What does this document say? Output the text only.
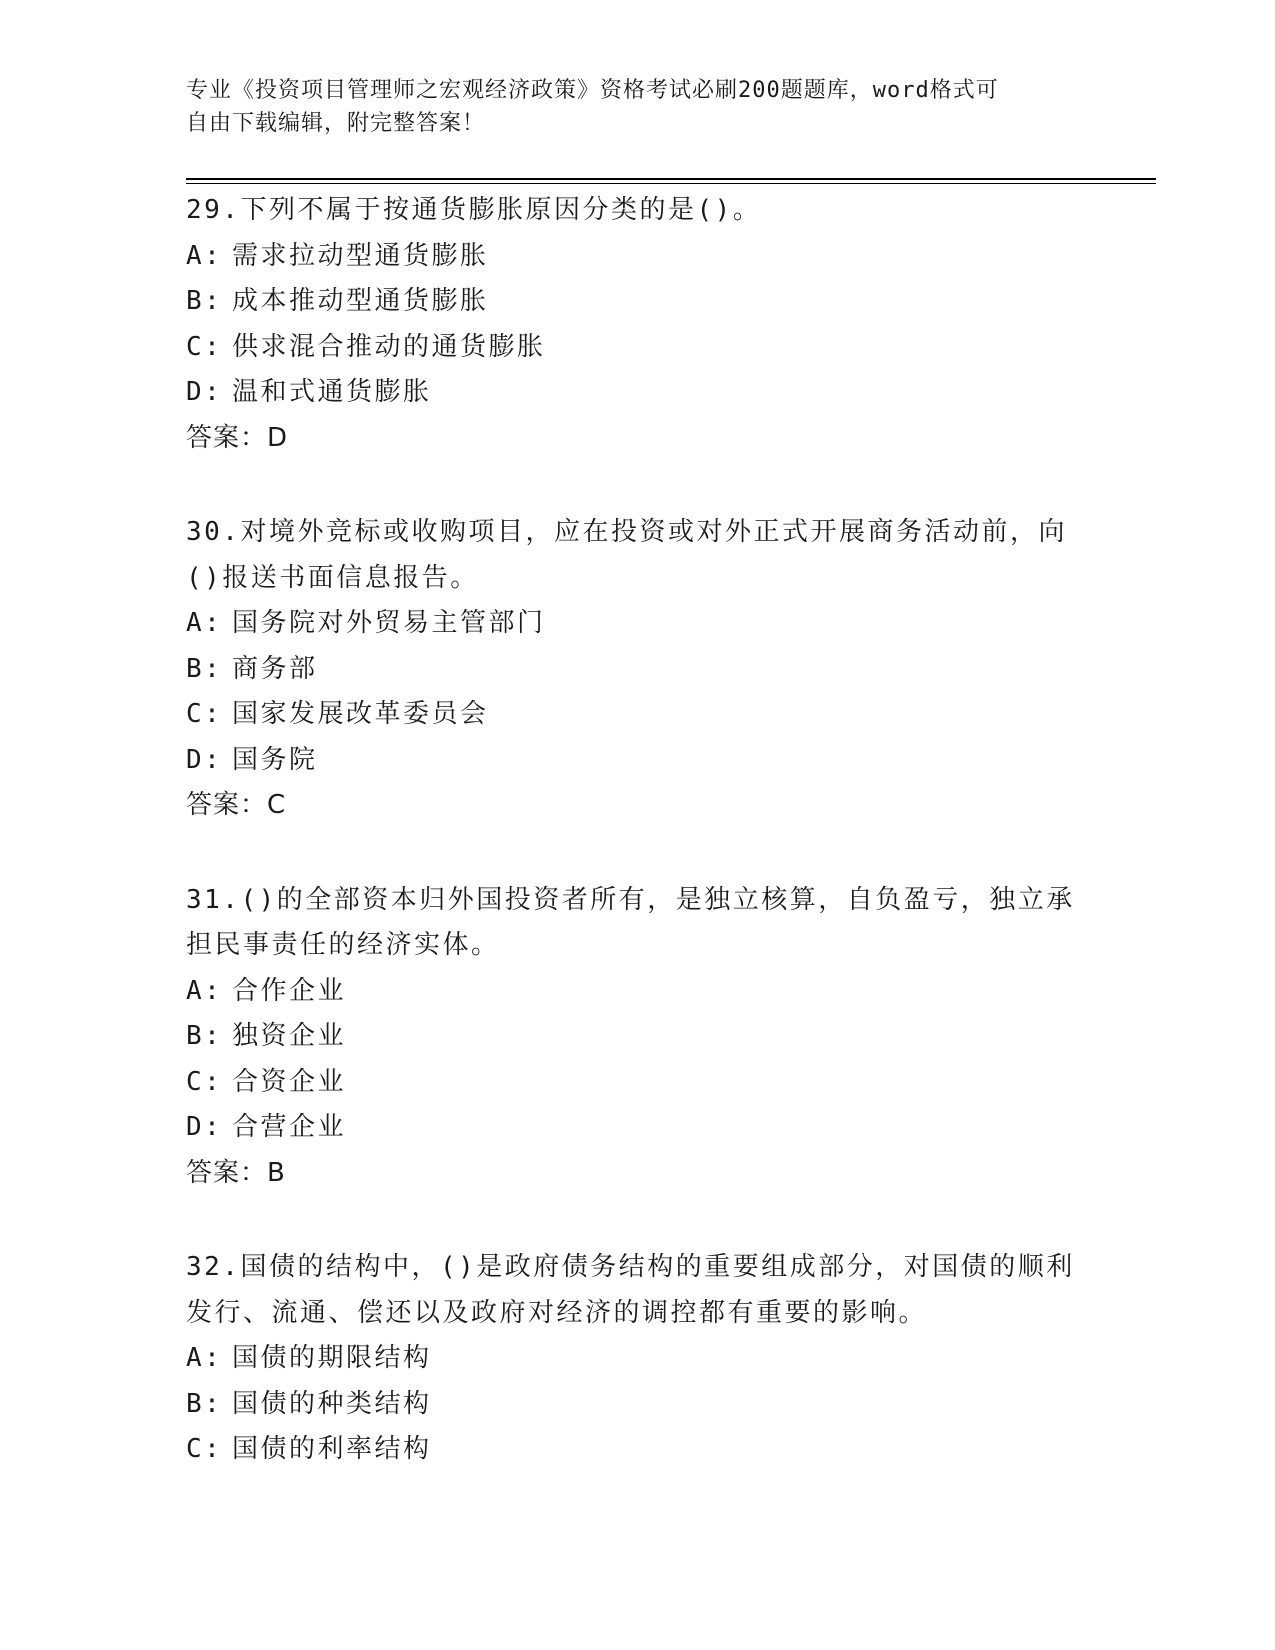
专业《投资项目管理师之宏观经济政策》资格考试必刷200题题库，word格式可
自由下载编辑，附完整答案！
29.下列不属于按通货膨胀原因分类的是()。
A: 需求拉动型通货膨胀
B: 成本推动型通货膨胀
C: 供求混合推动的通货膨胀
D: 温和式通货膨胀
答案：D
30.对境外竞标或收购项目，应在投资或对外正式开展商务活动前，向
()报送书面信息报告。
A: 国务院对外贸易主管部门
B: 商务部
C: 国家发展改革委员会
D: 国务院
答案：C
31.()的全部资本归外国投资者所有，是独立核算，自负盈亏，独立承
担民事责任的经济实体。
A: 合作企业
B: 独资企业
C: 合资企业
D: 合营企业
答案：B
32.国债的结构中，()是政府债务结构的重要组成部分，对国债的顺利
发行、流通、偿还以及政府对经济的调控都有重要的影响。
A: 国债的期限结构
B: 国债的种类结构
C: 国债的利率结构
